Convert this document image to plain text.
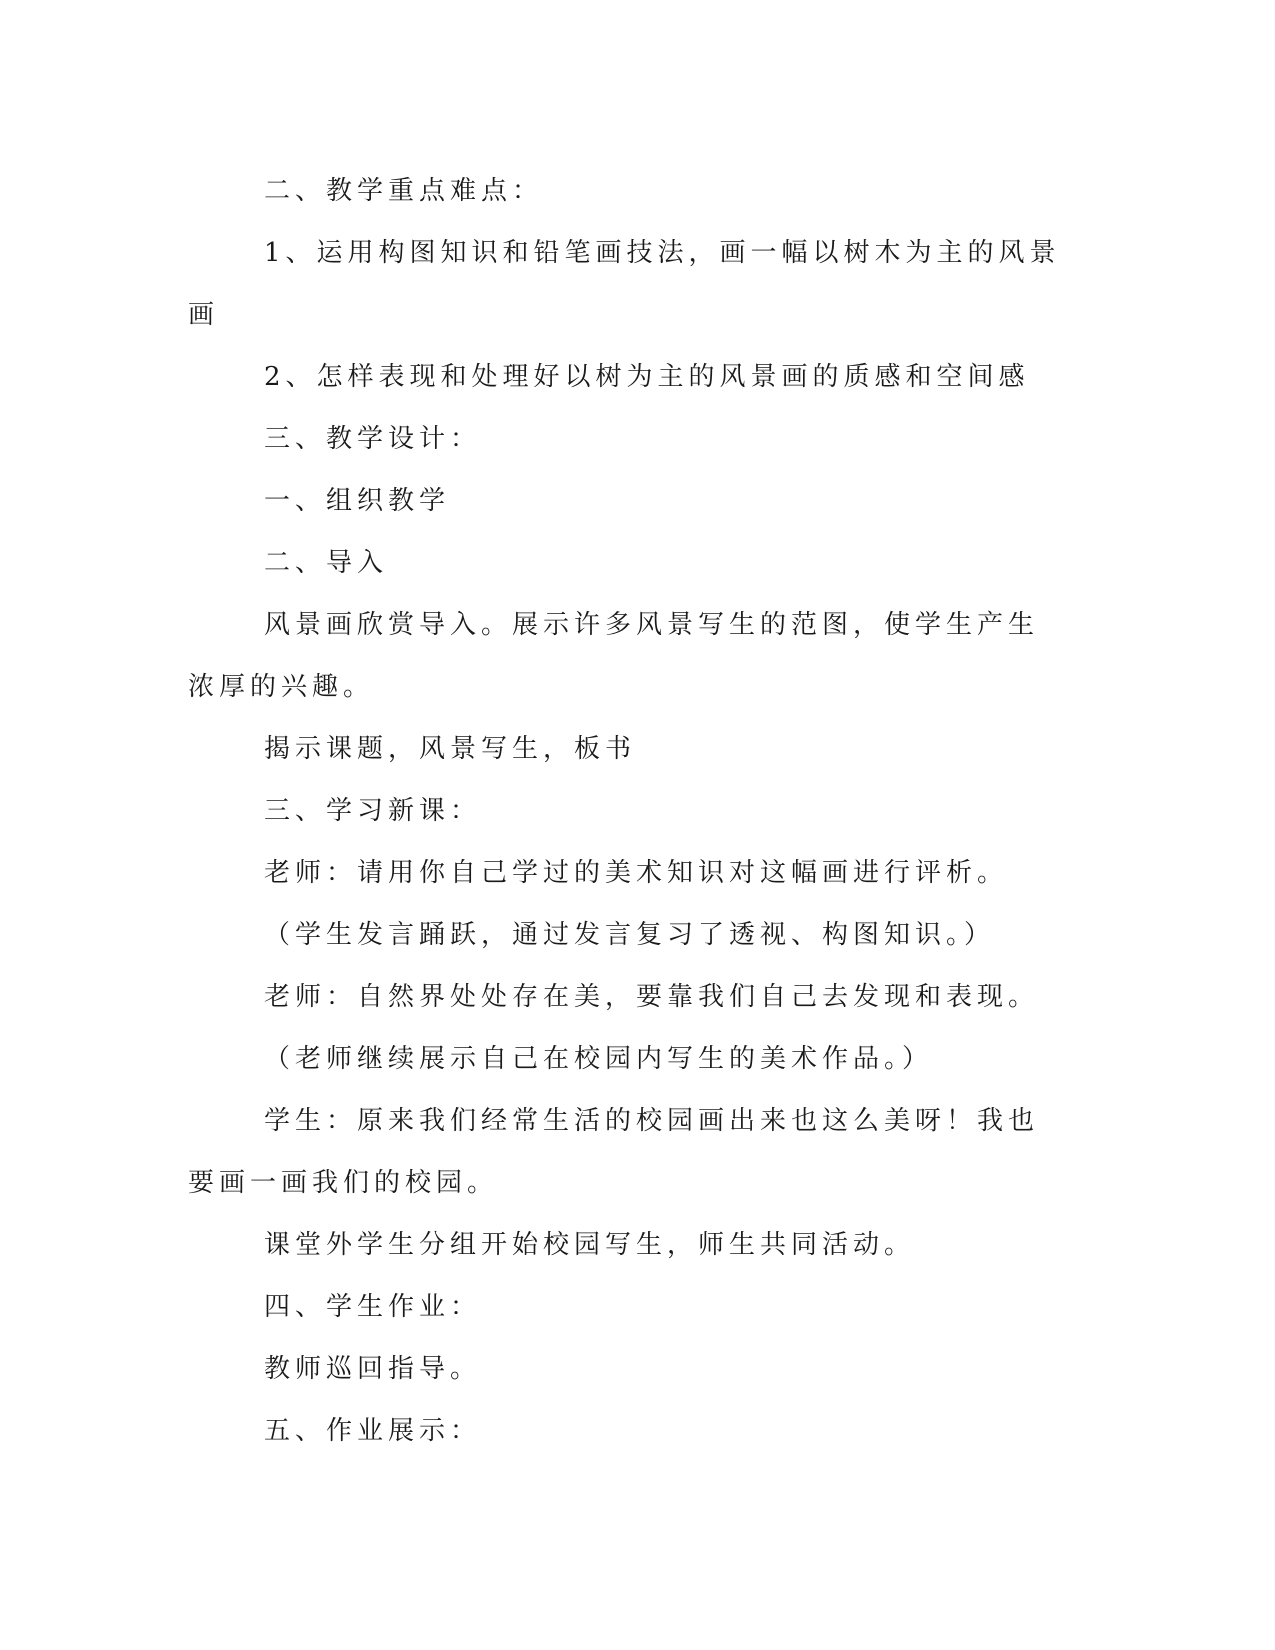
二、教学重点难点：

1、运用构图知识和铅笔画技法，画一幅以树木为主的风景画

2、怎样表现和处理好以树为主的风景画的质感和空间感

三、教学设计：

一、组织教学

二、导入

风景画欣赏导入。展示许多风景写生的范图，使学生产生浓厚的兴趣。

揭示课题，风景写生，板书

三、学习新课：

老师：请用你自己学过的美术知识对这幅画进行评析。

（学生发言踊跃，通过发言复习了透视、构图知识。）

老师：自然界处处存在美，要靠我们自己去发现和表现。

（老师继续展示自己在校园内写生的美术作品。）

学生：原来我们经常生活的校园画出来也这么美呀！我也要画一画我们的校园。

课堂外学生分组开始校园写生，师生共同活动。

四、学生作业：

教师巡回指导。

五、作业展示：
